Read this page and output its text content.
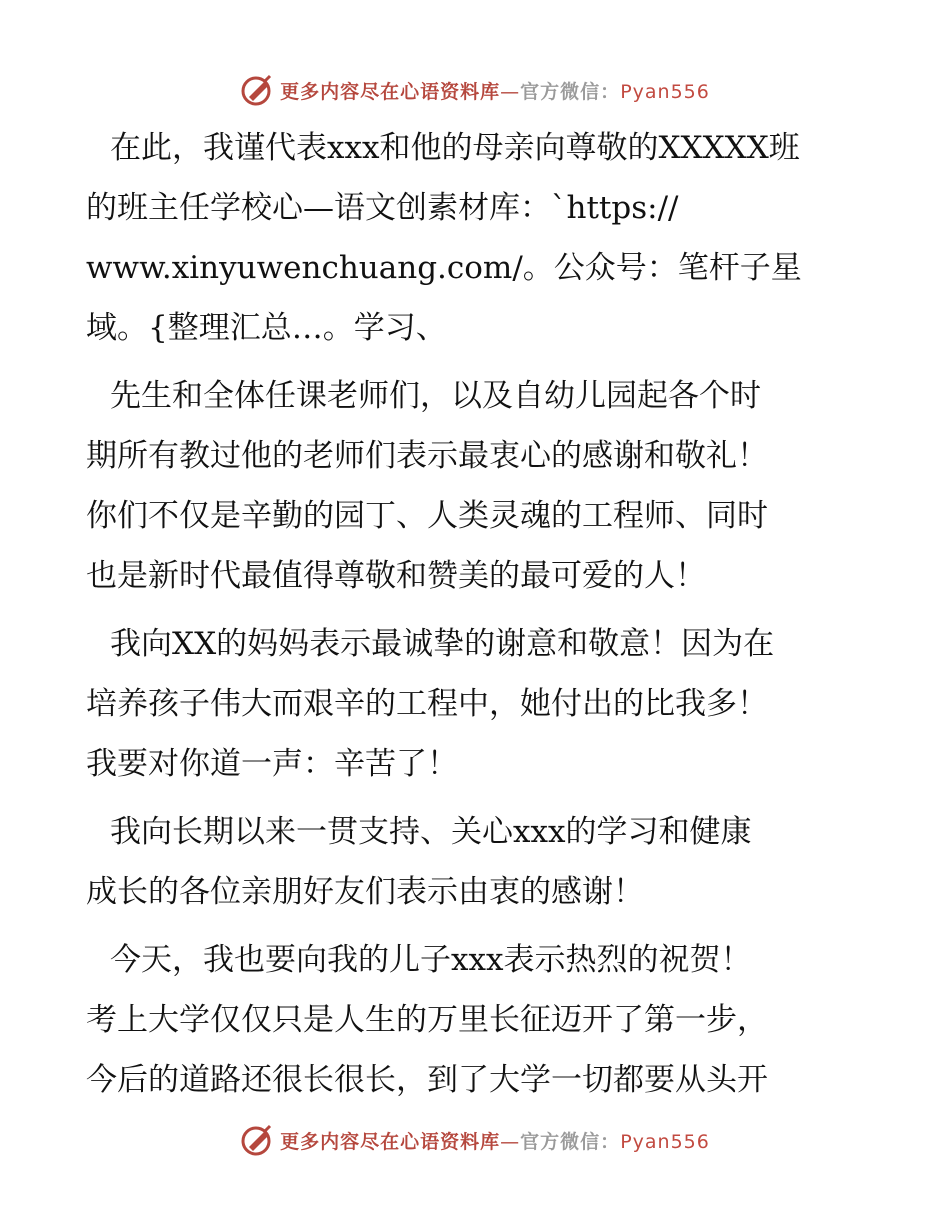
更多内容尽在心语资料库—官方微信：Pyan556

在此，我谨代表xxx和他的母亲向尊敬的XXXXX班
的班主任学校心—语文创素材库：`https://
www.xinyuwenchuang.com/。公众号：笔杆子星
域。{整理汇总…。学习、

先生和全体任课老师们，以及自幼儿园起各个时
期所有教过他的老师们表示最衷心的感谢和敬礼！
你们不仅是辛勤的园丁、人类灵魂的工程师、同时
也是新时代最值得尊敬和赞美的最可爱的人！

我向XX的妈妈表示最诚挚的谢意和敬意！因为在
培养孩子伟大而艰辛的工程中，她付出的比我多！
我要对你道一声：辛苦了！

我向长期以来一贯支持、关心xxx的学习和健康
成长的各位亲朋好友们表示由衷的感谢！

今天，我也要向我的儿子xxx表示热烈的祝贺！
考上大学仅仅只是人生的万里长征迈开了第一步，
今后的道路还很长很长，到了大学一切都要从头开

更多内容尽在心语资料库—官方微信：Pyan556
